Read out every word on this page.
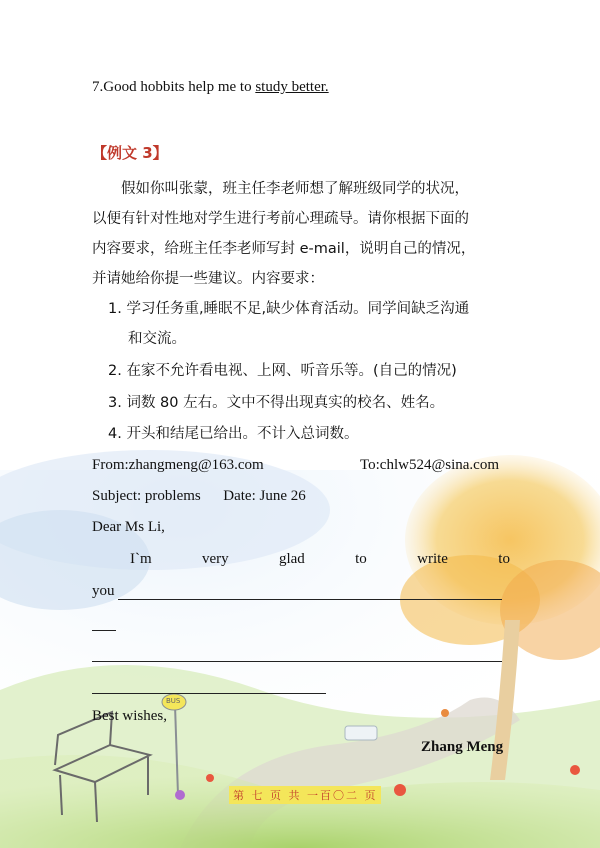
7.Good hobbits help me to study better.
【例文 3】

　　假如你叫张蒙，班主任李老师想了解班级同学的状况，

以便有针对性地对学生进行考前心理疏导。请你根据下面的

内容要求，给班主任李老师写封 e-mail，说明自己的情况，

并请她给你提一些建议。内容要求：

1. 学习任务重,睡眠不足,缺少体育活动。同学间缺乏沟通
和交流。
2. 在家不允许看电视、上网、听音乐等。(自己的情况)
3. 词数 80 左右。文中不得出现真实的校名、姓名。
4. 开头和结尾已给出。不计入总词数。
From:zhangmeng@163.com	To:chlw524@sina.com
Subject: problems Date: June 26
Dear Ms Li,
I`m	very	glad	to	write	to
you
Best wishes,
Zhang Meng
BUS
第 七 页 共 一百〇二 页
